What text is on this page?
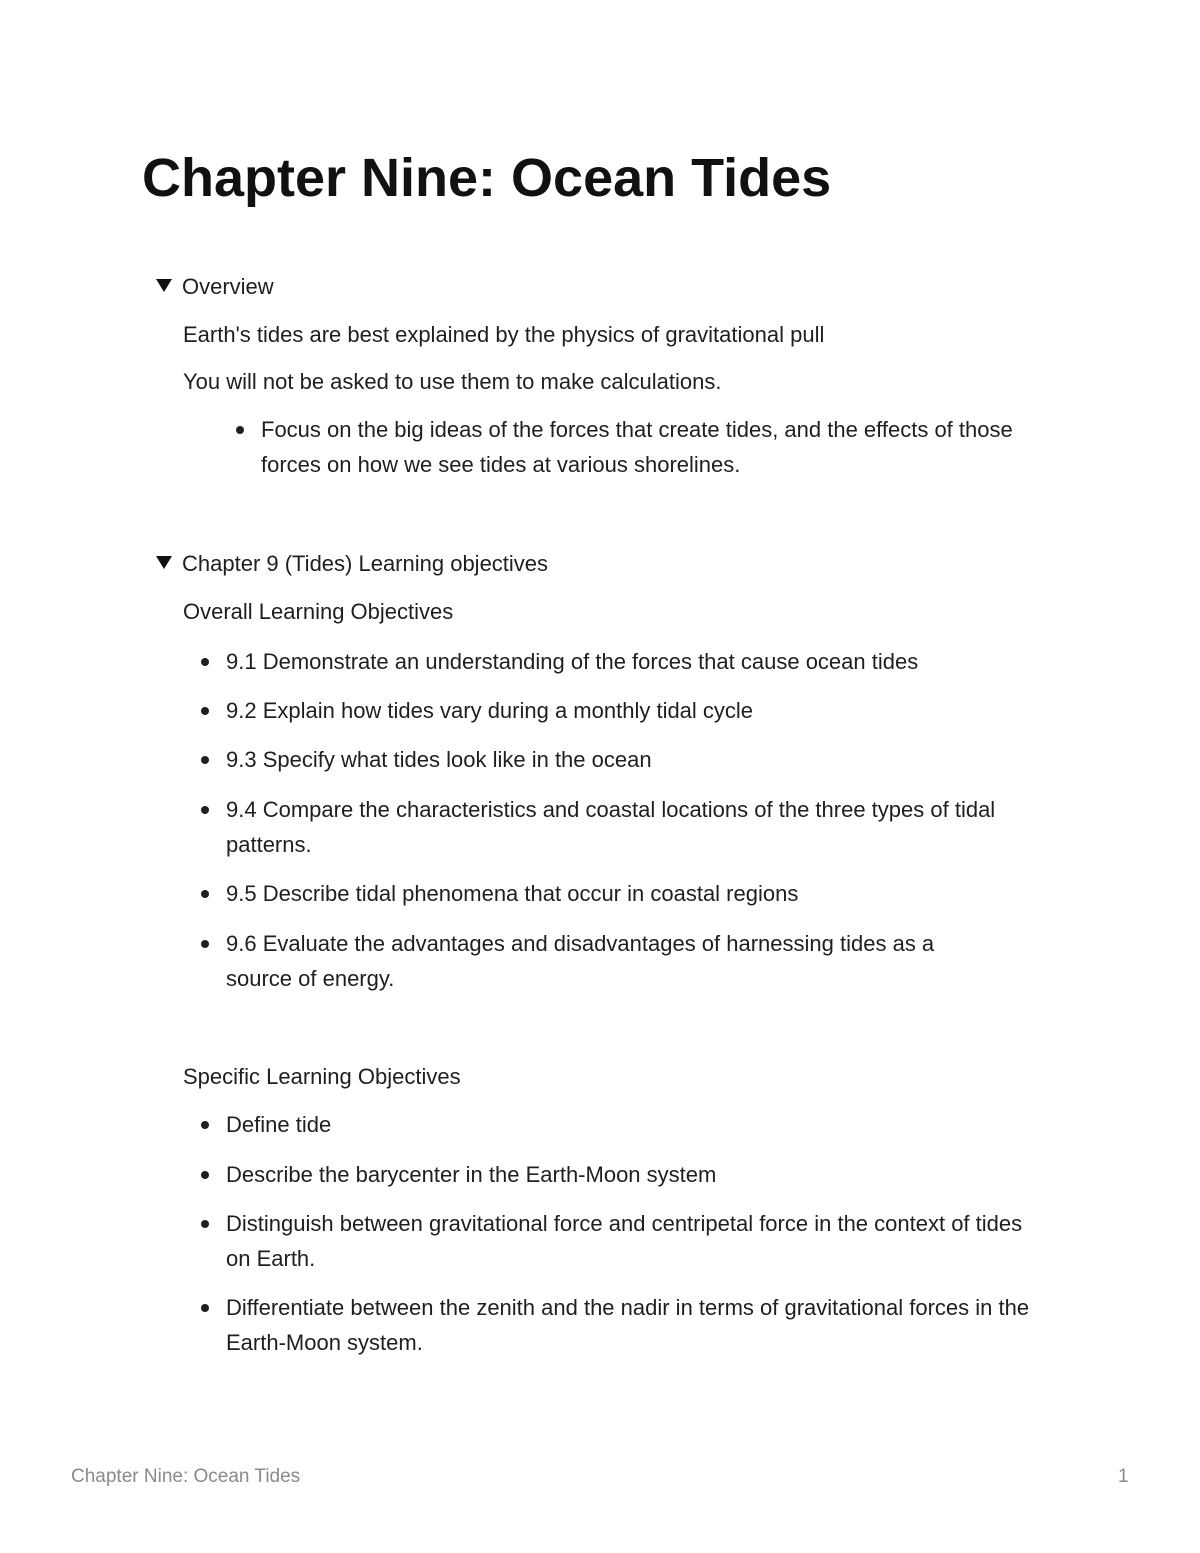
Chapter Nine: Ocean Tides
Overview

Earth's tides are best explained by the physics of gravitational pull

You will not be asked to use them to make calculations.

Focus on the big ideas of the forces that create tides, and the effects of those forces on how we see tides at various shorelines.
Chapter 9 (Tides) Learning objectives

Overall Learning Objectives

9.1 Demonstrate an understanding of the forces that cause ocean tides
9.2 Explain how tides vary during a monthly tidal cycle
9.3 Specify what tides look like in the ocean
9.4 Compare the characteristics and coastal locations of the three types of tidal patterns.
9.5 Describe tidal phenomena that occur in coastal regions
9.6 Evaluate the advantages and disadvantages of harnessing tides as a source of energy.

Specific Learning Objectives

Define tide
Describe the barycenter in the Earth-Moon system
Distinguish between gravitational force and centripetal force in the context of tides on Earth.
Differentiate between the zenith and the nadir in terms of gravitational forces in the Earth-Moon system.
Chapter Nine: Ocean Tides	1
